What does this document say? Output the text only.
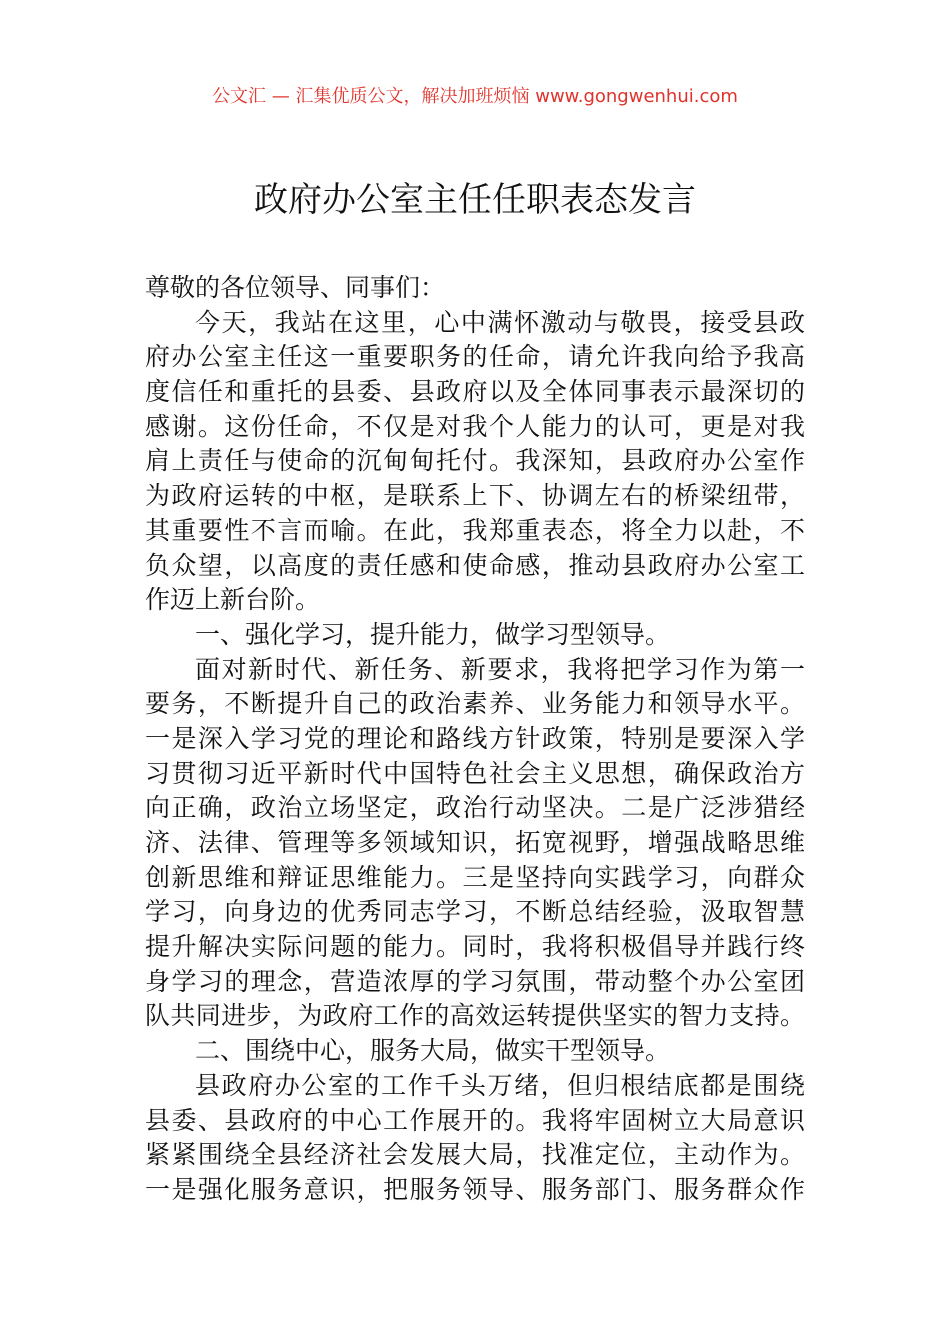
公文汇 — 汇集优质公文，解决加班烦恼 www.gongwenhui.com
政府办公室主任任职表态发言
尊敬的各位领导、同事们：
今天，我站在这里，心中满怀激动与敬畏，接受县政
府办公室主任这一重要职务的任命，请允许我向给予我高
度信任和重托的县委、县政府以及全体同事表示最深切的
感谢。这份任命，不仅是对我个人能力的认可，更是对我
肩上责任与使命的沉甸甸托付。我深知，县政府办公室作
为政府运转的中枢，是联系上下、协调左右的桥梁纽带，
其重要性不言而喻。在此，我郑重表态，将全力以赴，不
负众望，以高度的责任感和使命感，推动县政府办公室工
作迈上新台阶。
一、强化学习，提升能力，做学习型领导。
面对新时代、新任务、新要求，我将把学习作为第一
要务，不断提升自己的政治素养、业务能力和领导水平。
一是深入学习党的理论和路线方针政策，特别是要深入学
习贯彻习近平新时代中国特色社会主义思想，确保政治方
向正确，政治立场坚定，政治行动坚决。二是广泛涉猎经
济、法律、管理等多领域知识，拓宽视野，增强战略思维
创新思维和辩证思维能力。三是坚持向实践学习，向群众
学习，向身边的优秀同志学习，不断总结经验，汲取智慧
提升解决实际问题的能力。同时，我将积极倡导并践行终
身学习的理念，营造浓厚的学习氛围，带动整个办公室团
队共同进步，为政府工作的高效运转提供坚实的智力支持。
二、围绕中心，服务大局，做实干型领导。
县政府办公室的工作千头万绪，但归根结底都是围绕
县委、县政府的中心工作展开的。我将牢固树立大局意识
紧紧围绕全县经济社会发展大局，找准定位，主动作为。
一是强化服务意识，把服务领导、服务部门、服务群众作
